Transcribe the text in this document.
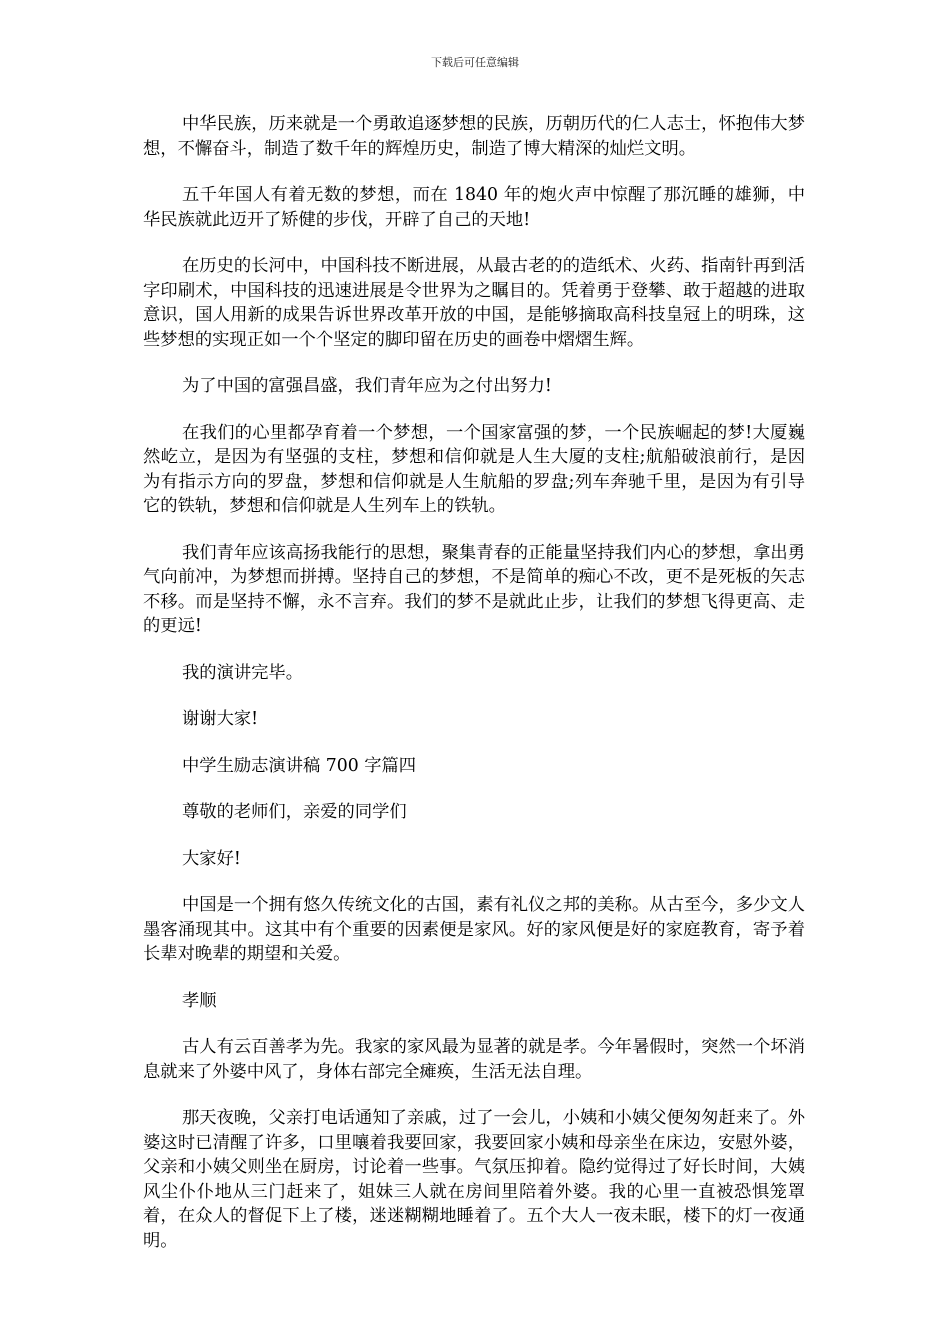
下载后可任意编辑

中华民族，历来就是一个勇敢追逐梦想的民族，历朝历代的仁人志士，怀抱伟大梦想，不懈奋斗，制造了数千年的辉煌历史，制造了博大精深的灿烂文明。

五千年国人有着无数的梦想，而在 1840 年的炮火声中惊醒了那沉睡的雄狮，中华民族就此迈开了矫健的步伐，开辟了自己的天地!

在历史的长河中，中国科技不断进展，从最古老的的造纸术、火药、指南针再到活字印刷术，中国科技的迅速进展是令世界为之瞩目的。凭着勇于登攀、敢于超越的进取意识，国人用新的成果告诉世界改革开放的中国，是能够摘取高科技皇冠上的明珠，这些梦想的实现正如一个个坚定的脚印留在历史的画卷中熠熠生辉。

为了中国的富强昌盛，我们青年应为之付出努力!

在我们的心里都孕育着一个梦想，一个国家富强的梦，一个民族崛起的梦!大厦巍然屹立，是因为有坚强的支柱，梦想和信仰就是人生大厦的支柱;航船破浪前行，是因为有指示方向的罗盘，梦想和信仰就是人生航船的罗盘;列车奔驰千里，是因为有引导它的铁轨，梦想和信仰就是人生列车上的铁轨。

我们青年应该高扬我能行的思想，聚集青春的正能量坚持我们内心的梦想，拿出勇气向前冲，为梦想而拼搏。坚持自己的梦想，不是简单的痴心不改，更不是死板的矢志不移。而是坚持不懈，永不言弃。我们的梦不是就此止步，让我们的梦想飞得更高、走的更远!

我的演讲完毕。

谢谢大家!

中学生励志演讲稿 700 字篇四

尊敬的老师们，亲爱的同学们

大家好!

中国是一个拥有悠久传统文化的古国，素有礼仪之邦的美称。从古至今，多少文人墨客涌现其中。这其中有个重要的因素便是家风。好的家风便是好的家庭教育，寄予着长辈对晚辈的期望和关爱。

孝顺

古人有云百善孝为先。我家的家风最为显著的就是孝。今年暑假时，突然一个坏消息就来了外婆中风了，身体右部完全瘫痪，生活无法自理。

那天夜晚，父亲打电话通知了亲戚，过了一会儿，小姨和小姨父便匆匆赶来了。外婆这时已清醒了许多，口里嚷着我要回家，我要回家小姨和母亲坐在床边，安慰外婆，父亲和小姨父则坐在厨房，讨论着一些事。气氛压抑着。隐约觉得过了好长时间，大姨风尘仆仆地从三门赶来了，姐妹三人就在房间里陪着外婆。我的心里一直被恐惧笼罩着，在众人的督促下上了楼，迷迷糊糊地睡着了。五个大人一夜未眠，楼下的灯一夜通明。
